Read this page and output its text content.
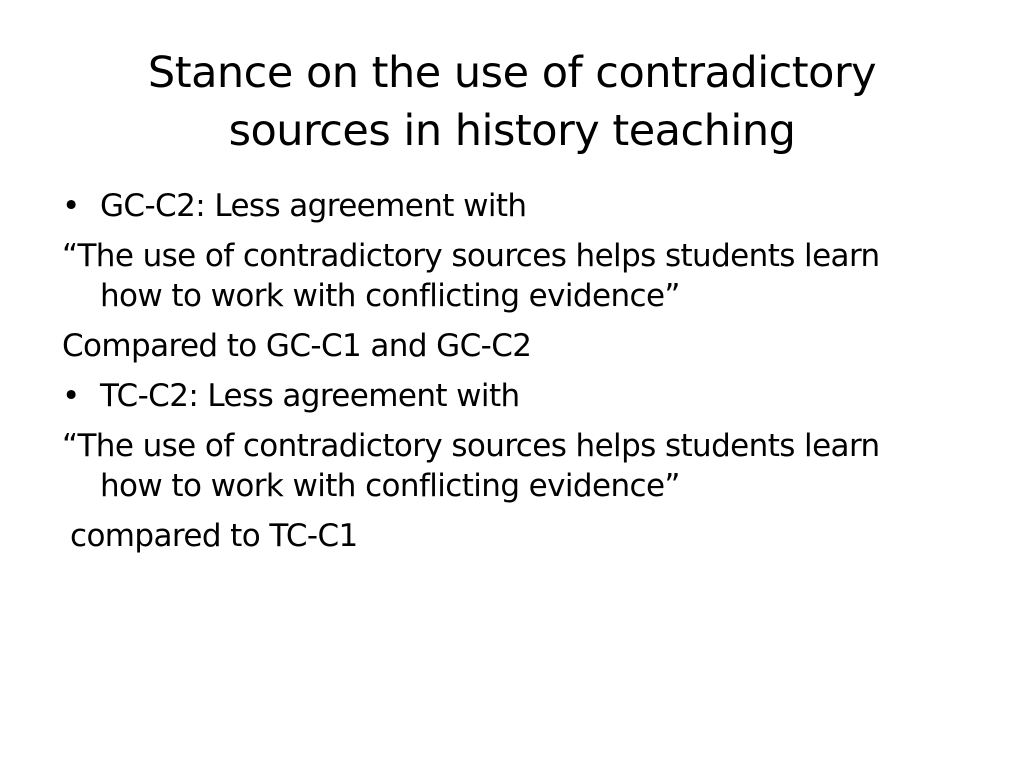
Stance on the use of contradictory
sources in history teaching
• GC-C2: Less agreement with
“The use of contradictory sources helps students learn
how to work with conflicting evidence”
Compared to GC-C1 and GC-C2
• TC-C2: Less agreement with
“The use of contradictory sources helps students learn
how to work with conflicting evidence”
compared to TC-C1
